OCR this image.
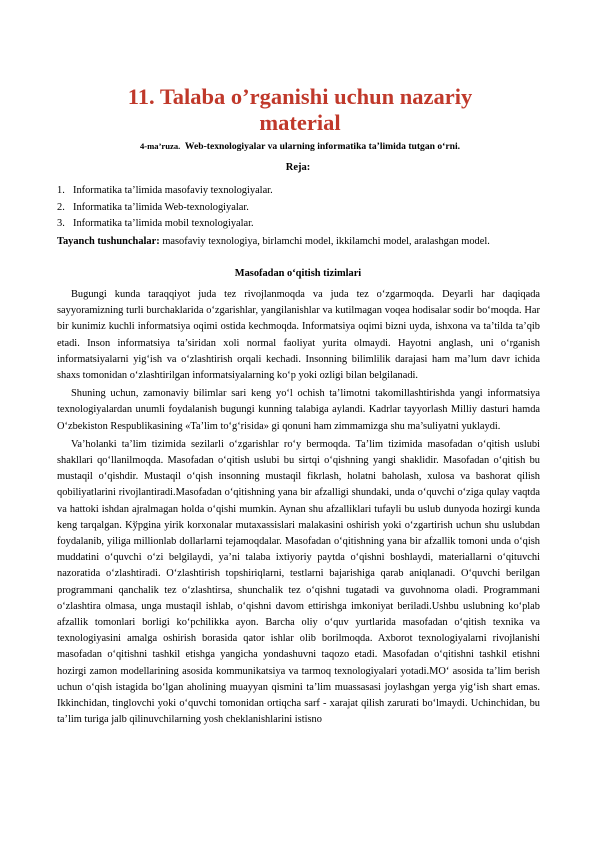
11. Talaba o’rganishi uchun nazariy material

4-ma’ruza. Web-texnologiyalar va ularning informatika ta’limida tutgan oʻrni.

Reja:

1. Informatika ta’limida masofaviy texnologiyalar.
2. Informatika ta’limida Web-texnologiyalar.
3. Informatika ta’limida mobil texnologiyalar.

Tayanch tushunchalar: masofaviy texnologiya, birlamchi model, ikkilamchi model, aralashgan model.

Masofadan oʻqitish tizimlari

Bugungi kunda taraqqiyot juda tez rivojlanmoqda va juda tez oʻzgarmoqda. Deyarli har daqiqada sayyoramizning turli burchaklarida oʻzgarishlar, yangilanishlar va kutilmagan voqea hodisalar sodir boʻmoqda. Har bir kunimiz kuchli informatsiya oqimi ostida kechmoqda. Informatsiya oqimi bizni uyda, ishxona va ta’tilda ta’qib etadi. Inson informatsiya ta’siridan xoli normal faoliyat yurita olmaydi. Hayotni anglash, uni oʻrganish informatsiyalarni yigʻish va oʻzlashtirish orqali kechadi. Insonning bilimlilik darajasi ham ma’lum davr ichida shaxs tomonidan oʻzlashtirilgan informatsiyalarning koʻp yoki ozligi bilan belgilanadi.

Shuning uchun, zamonaviy bilimlar sari keng yoʻl ochish ta’limotni takomillashtirishda yangi informatsiya texnologiyalardan unumli foydalanish bugungi kunning talabiga aylandi. Kadrlar tayyorlash Milliy dasturi hamda Oʻzbekiston Respublikasining «Ta’lim toʻgʻrisida» gi qonuni ham zimmamizga shu ma’suliyatni yuklaydi.

Va’holanki ta’lim tizimida sezilarli oʻzgarishlar roʻy bermoqda. Ta’lim tizimida masofadan oʻqitish uslubi shakllari qoʻllanilmoqda. Masofadan oʻqitish uslubi bu sirtqi oʻqishning yangi shaklidir. Masofadan oʻqitish bu mustaqil oʻqishdir. Mustaqil oʻqish insonning mustaqil fikrlash, holatni baholash, xulosa va bashorat qilish qobiliyatlarini rivojlantiradi.Masofadan oʻqitishning yana bir afzalligi shundaki, unda oʻquvchi oʻziga qulay vaqtda va hattoki ishdan ajralmagan holda oʻqishi mumkin. Aynan shu afzalliklari tufayli bu uslub dunyoda hozirgi kunda keng tarqalgan. Kўpgina yirik korxonalar mutaxassislari malakasini oshirish yoki oʻzgartirish uchun shu uslubdan foydalanib, yiliga millionlab dollarlarni tejamoqdalar. Masofadan oʻqitishning yana bir afzallik tomoni unda oʻqish muddatini oʻquvchi oʻzi belgilaydi, ya’ni talaba ixtiyoriy paytda oʻqishni boshlaydi, materiallarni oʻqituvchi nazoratida oʻzlashtiradi. Oʻzlashtirish topshiriqlarni, testlarni bajarishiga qarab aniqlanadi. Oʻquvchi berilgan programmani qanchalik tez oʻzlashtirsa, shunchalik tez oʻqishni tugatadi va guvohnoma oladi. Programmani oʻzlashtira olmasa, unga mustaqil ishlab, oʻqishni davom ettirishga imkoniyat beriladi.Ushbu uslubning koʻplab afzallik tomonlari borligi koʻpchilikka ayon. Barcha oliy oʻquv yurtlarida masofadan oʻqitish texnika va texnologiyasini amalga oshirish borasida qator ishlar olib borilmoqda. Axborot texnologiyalarni rivojlanishi masofadan oʻqitishni tashkil etishga yangicha yondashuvni taqozo etadi. Masofadan oʻqitishni tashkil etishni hozirgi zamon modellarining asosida kommunikatsiya va tarmoq texnologiyalari yotadi.MOʻ asosida ta’lim berish uchun oʻqish istagida boʻlgan aholining muayyan qismini ta’lim muassasasi joylashgan yerga yigʻish shart emas. Ikkinchidan, tinglovchi yoki oʻquvchi tomonidan ortiqcha sarf - xarajat qilish zarurati boʻlmaydi. Uchinchidan, bu ta’lim turiga jalb qilinuvchilarning yosh cheklanishlarini istisno
